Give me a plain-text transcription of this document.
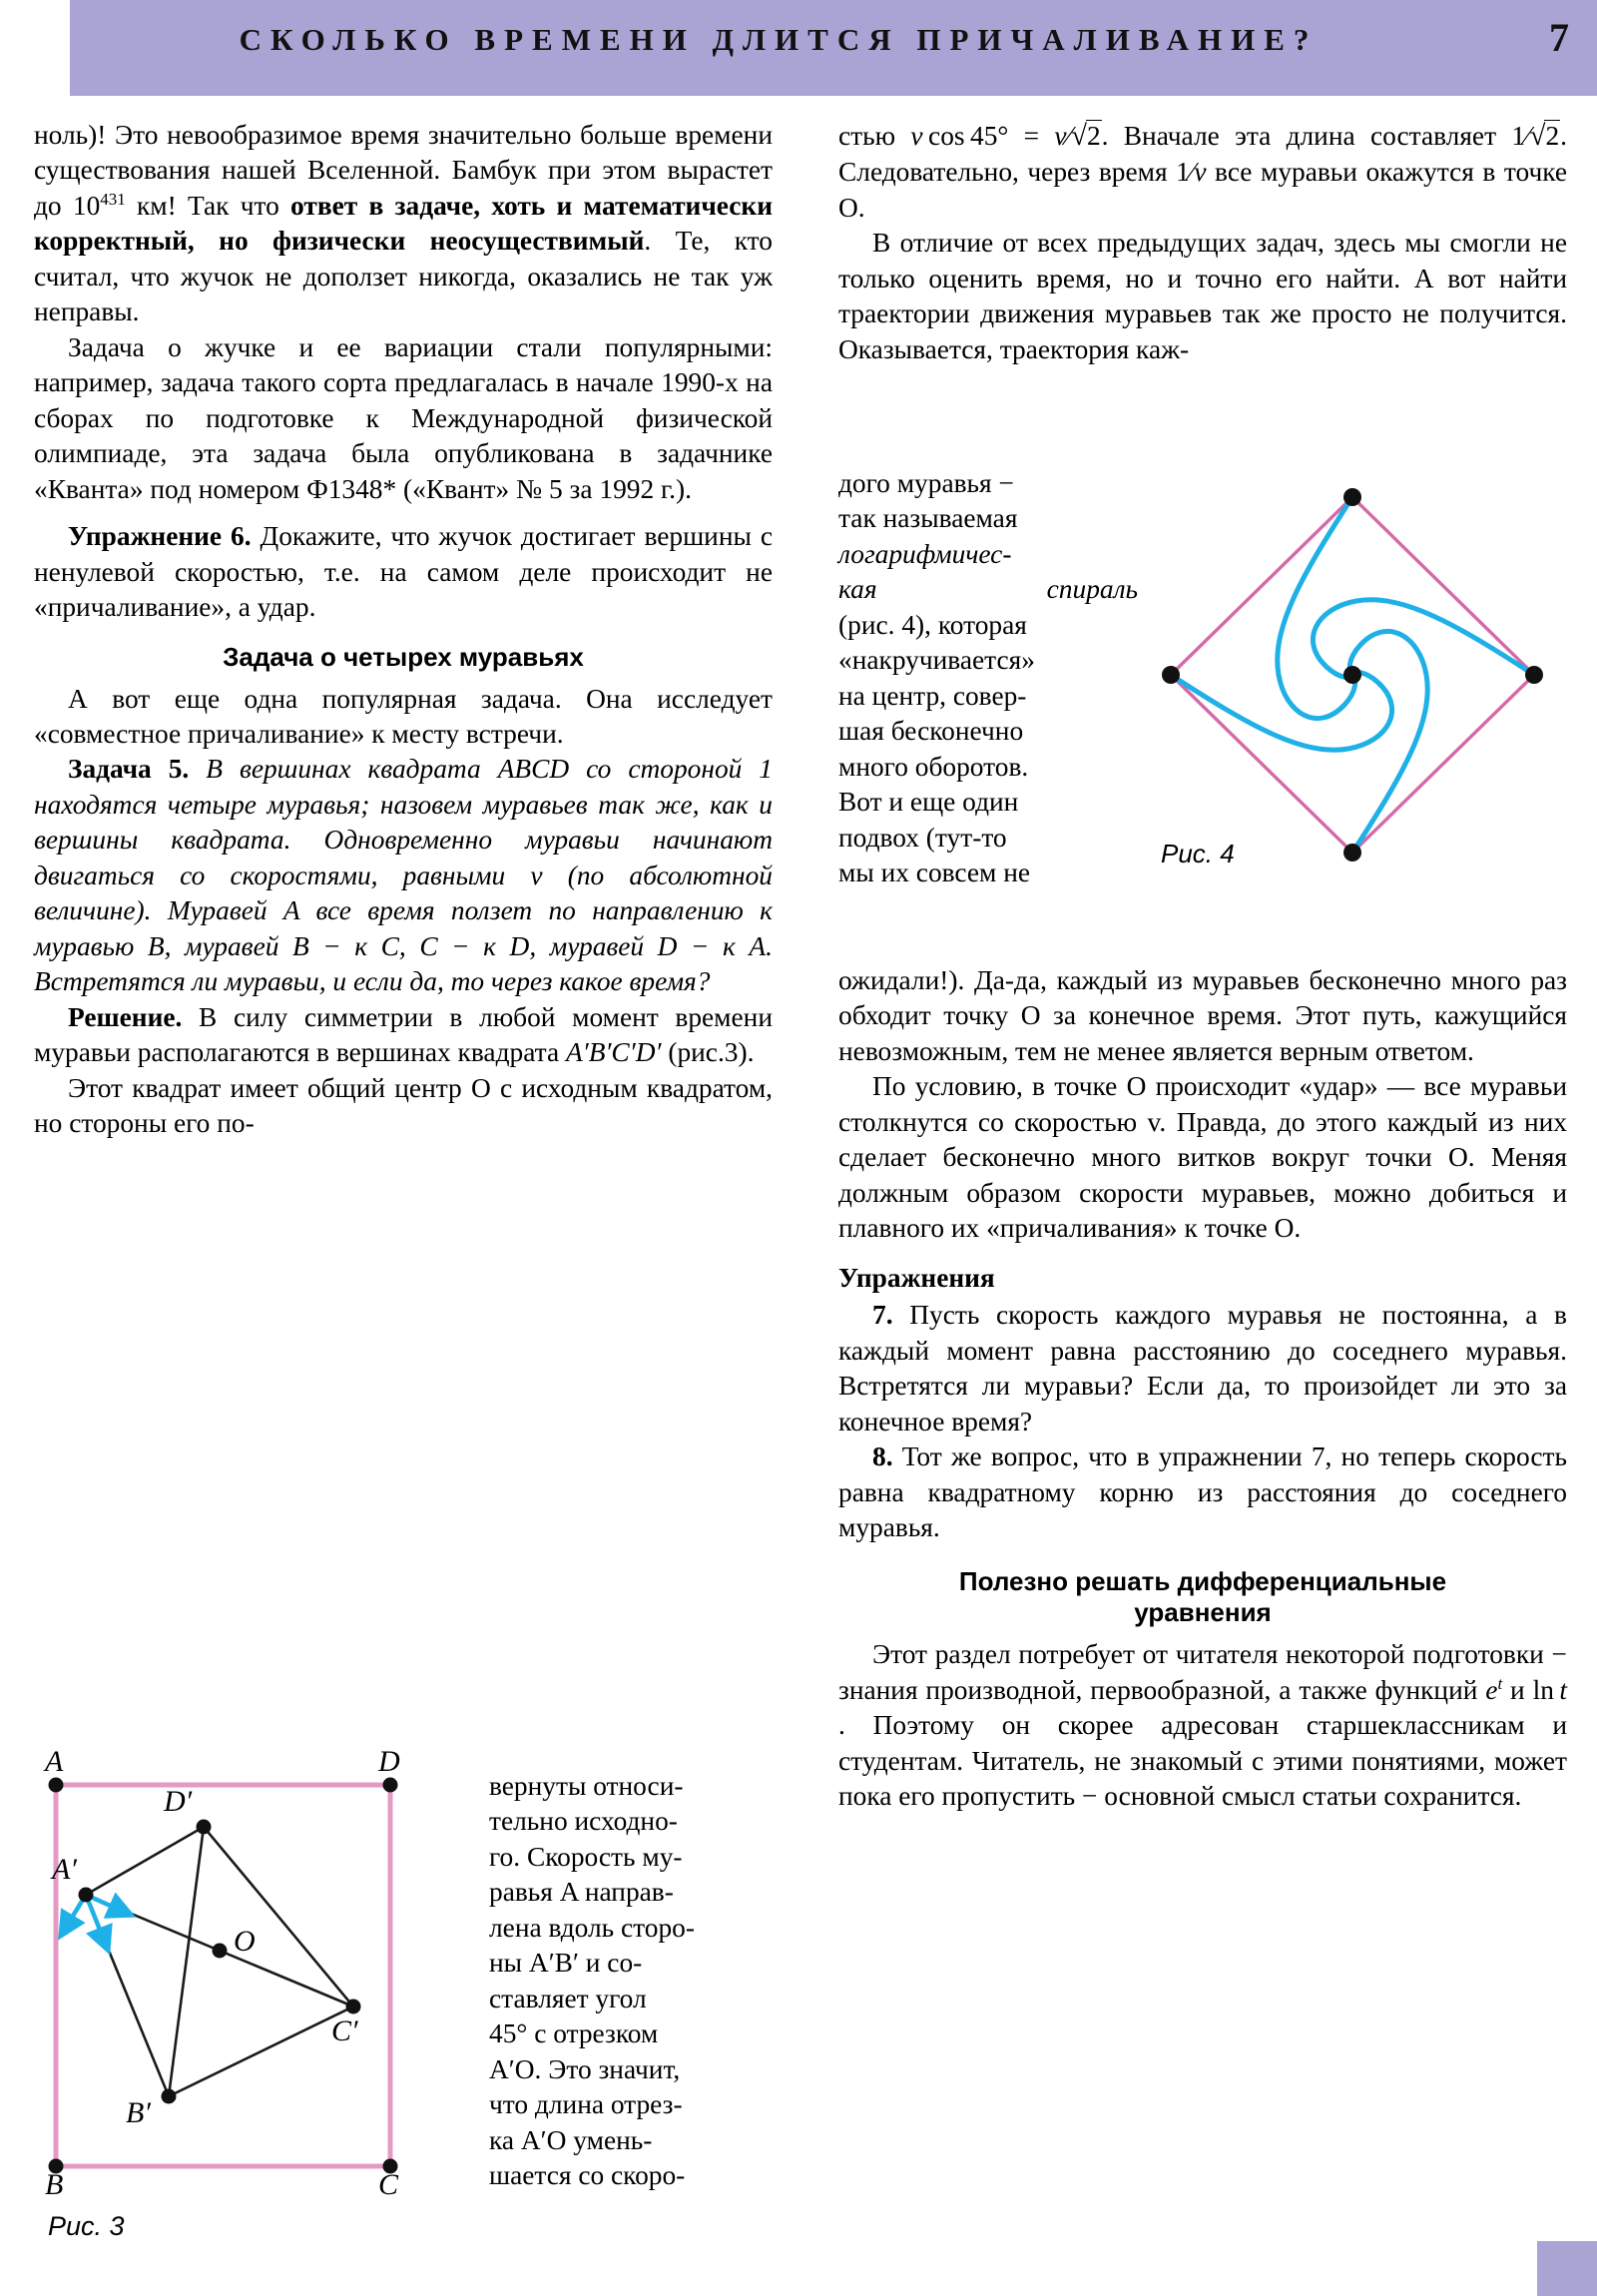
СКОЛЬКО ВРЕМЕНИ ДЛИТСЯ ПРИЧАЛИВАНИЕ?	7

ноль)! Это невообразимое время значительно больше времени существования нашей Вселенной. Бамбук при этом вырастет до $10^{431}$ км! Так что ответ в задаче, хоть и математически корректный, но физически неосуществимый. Те, кто считал, что жучок не доползет никогда, оказались не так уж неправы.

Задача о жучке и ее вариации стали популярными: например, задача такого сорта предлагалась в начале 1990-х на сборах по подготовке к Международной физической олимпиаде, эта задача была опубликована в задачнике «Кванта» под номером Ф1348* («Квант» № 5 за 1992 г.).

Упражнение 6. Докажите, что жучок достигает вершины с ненулевой скоростью, т.е. на самом деле происходит не «причаливание», а удар.

Задача о четырех муравьях

А вот еще одна популярная задача. Она исследует «совместное причаливание» к месту встречи.

Задача 5. В вершинах квадрата ABCD со стороной 1 находятся четыре муравья; назовем муравьев так же, как и вершины квадрата. Одновременно муравьи начинают двигаться со скоростями, равными v (по абсолютной величине). Муравей A все время ползет по направлению к муравью B, муравей B − к C, C − к D, муравей D − к A. Встретятся ли муравьи, и если да, то через какое время?

Решение. В силу симметрии в любой момент времени муравьи располагаются в вершинах квадрата A′B′C′D′ (рис.3).

Этот квадрат имеет общий центр O с исходным квадратом, но стороны его по-

вернуты относи-
тельно исходно-
го. Скорость му-
равья A направ-
лена вдоль сторо-
ны A′B′ и со-
ставляет угол
45° с отрезком
A′O. Это значит,
что длина отрез-
ка A′O умень-
шается со скоро-
A	D
B	C
A′
D′
B′
C′
O
Рис. 3

стью v cos 45° = v⁄√2. Вначале эта длина составляет 1⁄√2. Следовательно, через время 1⁄v все муравьи окажутся в точке O.

В отличие от всех предыдущих задач, здесь мы смогли не только оценить время, но и точно его найти. А вот найти траектории движения муравьев так же просто не получится. Оказывается, траектория каж-

дого муравья −
так называемая
логарифмичес-
кая	спираль
(рис. 4), которая
«накручивается»
на центр, совер-
шая бесконечно
много оборотов.
Вот и еще один
подвох (тут-то
мы их совсем не
Рис. 4

ожидали!). Да-да, каждый из муравьев бесконечно много раз обходит точку O за конечное время. Этот путь, кажущийся невозможным, тем не менее является верным ответом.

По условию, в точке O происходит «удар» — все муравьи столкнутся со скоростью v. Правда, до этого каждый из них сделает бесконечно много витков вокруг точки O. Меняя должным образом скорости муравьев, можно добиться и плавного их «причаливания» к точке O.

Упражнения

7. Пусть скорость каждого муравья не постоянна, а в каждый момент равна расстоянию до соседнего муравья. Встретятся ли муравьи? Если да, то произойдет ли это за конечное время?

8. Тот же вопрос, что в упражнении 7, но теперь скорость равна квадратному корню из расстояния до соседнего муравья.

Полезно решать дифференциальные
уравнения

Этот раздел потребует от читателя некоторой подготовки − знания производной, первообразной, а также функций $e^t$ и ln t . Поэтому он скорее адресован старшеклассникам и студентам. Читатель, не знакомый с этими понятиями, может пока его пропустить − основной смысл статьи сохранится.
